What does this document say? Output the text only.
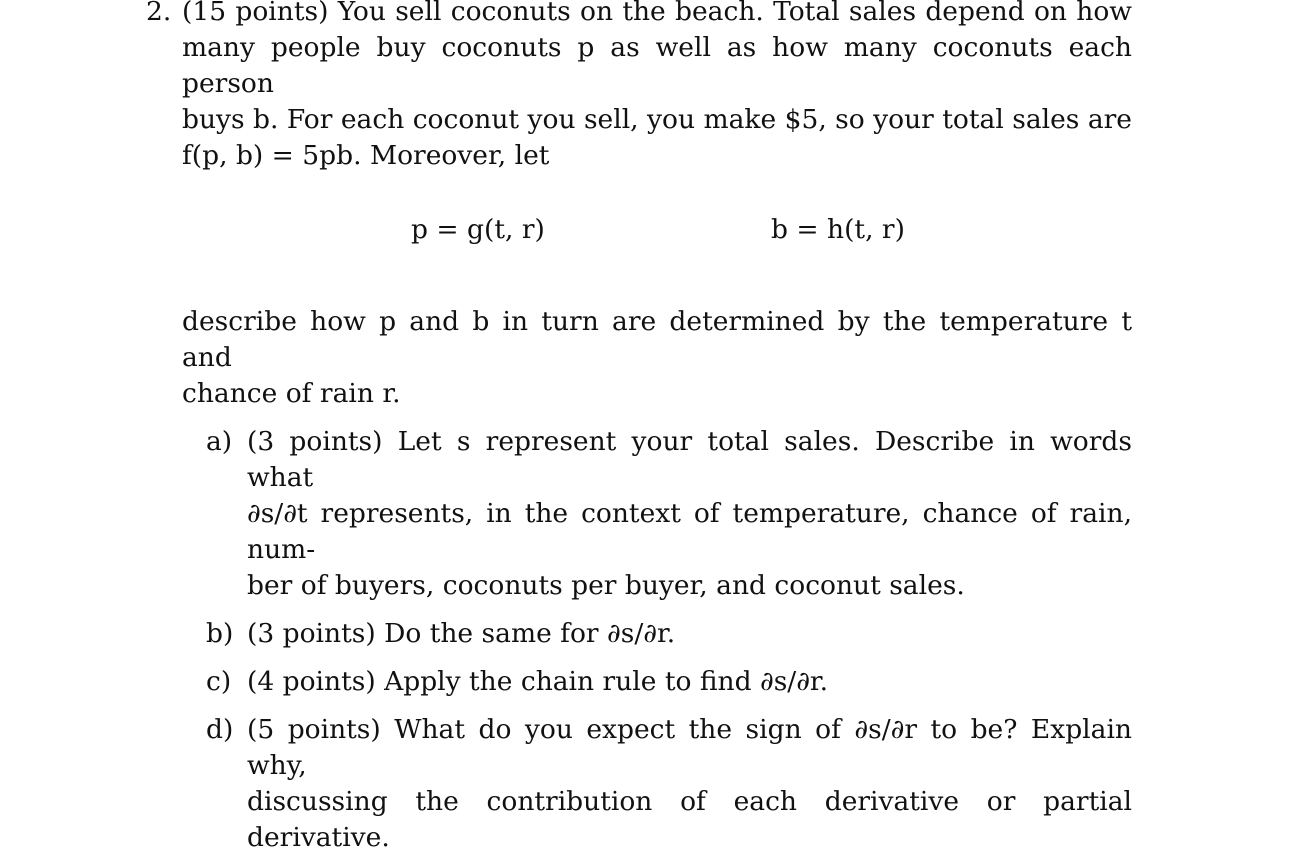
2. (15 points) You sell coconuts on the beach. Total sales depend on how
many people buy coconuts p as well as how many coconuts each person
buys b. For each coconut you sell, you make $5, so your total sales are
f(p, b) = 5pb. Moreover, let

p = g(t, r)	b = h(t, r)

describe how p and b in turn are determined by the temperature t and
chance of rain r.

a) (3 points) Let s represent your total sales. Describe in words what
∂s/∂t represents, in the context of temperature, chance of rain, num-
ber of buyers, coconuts per buyer, and coconut sales.
b) (3 points) Do the same for ∂s/∂r.
c) (4 points) Apply the chain rule to find ∂s/∂r.
d) (5 points) What do you expect the sign of ∂s/∂r to be? Explain why,
discussing the contribution of each derivative or partial derivative.
